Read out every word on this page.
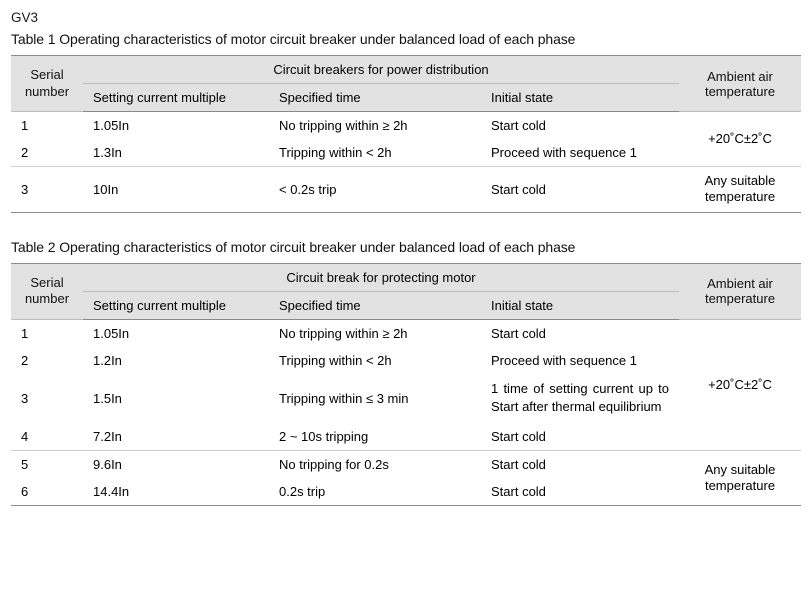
GV3
Table 1 Operating characteristics of motor circuit breaker under balanced load of each phase
Serial
number
	Circuit breakers for power distribution	Ambient air
temperature

	Setting current multiple	Specified time	Initial state	
1	1.05In	No tripping within ≥ 2h	Start cold	+20˚C±2˚C
2	1.3In	Tripping within < 2h	Proceed with sequence 1	
3	10In	< 0.2s trip	Start cold	Any suitable
temperature
Table 2 Operating characteristics of motor circuit breaker under balanced load of each phase
Serial
number
	Circuit break for protecting motor	Ambient air
temperature

	Setting current multiple	Specified time	Initial state	
1	1.05In	No tripping within ≥ 2h	Start cold	+20˚C±2˚C
2	1.2In	Tripping within < 2h	Proceed with sequence 1	
3	1.5In	Tripping within ≤ 3 min	1 time of setting current up to Start after thermal equilibrium	
4	7.2In	2 ~ 10s tripping	Start cold	
5	9.6In	No tripping for 0.2s	Start cold	Any suitable
temperature

6	14.4In	0.2s trip	Start cold	
